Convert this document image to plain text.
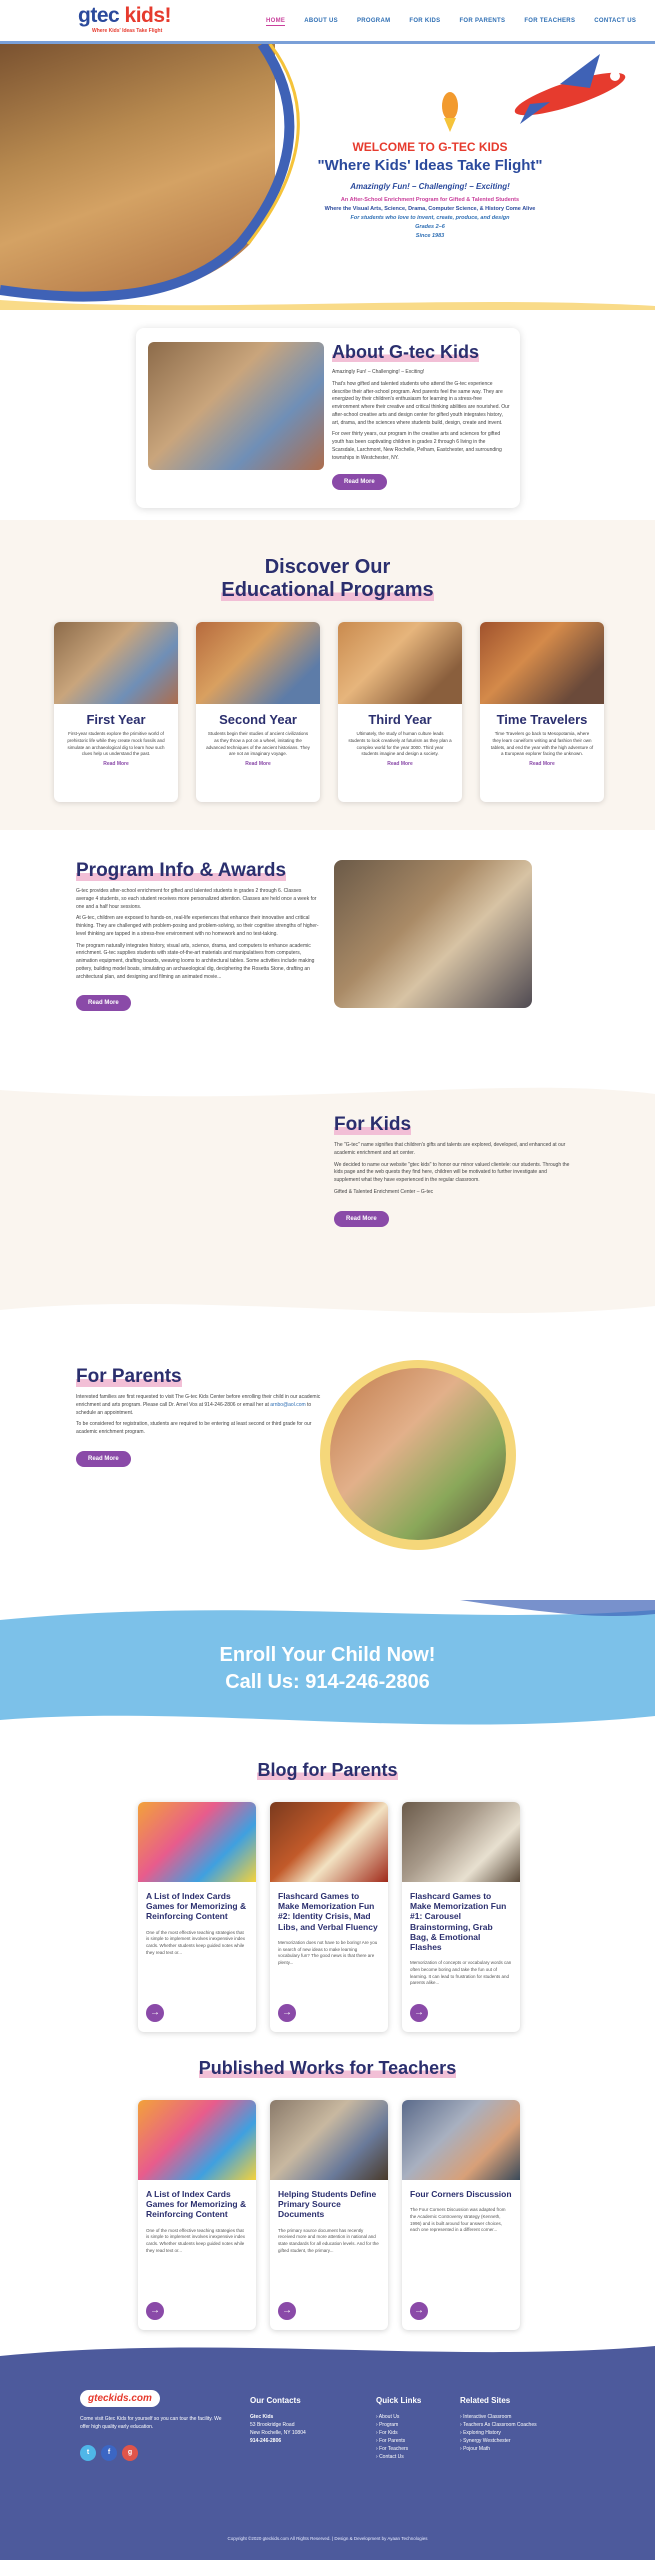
gtec kids!
Where Kids' Ideas Take Flight
HOME	ABOUT US	PROGRAM	FOR KIDS	FOR PARENTS	FOR TEACHERS	CONTACT US
WELCOME TO G-TEC KIDS
"Where Kids' Ideas Take Flight"
Amazingly Fun! – Challenging! – Exciting!
An After-School Enrichment Program for Gifted & Talented Students
Where the Visual Arts, Science, Drama, Computer Science, & History Come Alive
For students who love to invent, create, produce, and design
Grades 2–6
Since 1983
About G-tec Kids

Amazingly Fun! – Challenging! – Exciting!

That's how gifted and talented students who attend the G-tec experience describe their after-school program. And parents feel the same way. They are energized by their children's enthusiasm for learning in a stress-free environment where their creative and critical thinking abilities are nourished. Our after-school creative arts and design center for gifted youth integrates history, art, drama, and the sciences where students build, design, create and invent.

For over thirty years, our program in the creative arts and sciences for gifted youth has been captivating children in grades 2 through 6 living in the Scarsdale, Larchmont, New Rochelle, Pelham, Eastchester, and surrounding townships in Westchester, NY.

Read More
Discover Our
Educational Programs
First Year

First-year students explore the primitive world of prehistoric life while they create mock fossils and simulate an archaeological dig to learn how such clues help us understand the past.

Read More
Second Year

Students begin their studies of ancient civilizations as they throw a pot on a wheel, imitating the advanced techniques of the ancient historians. They are not an imaginary voyage.

Read More
Third Year

Ultimately, the study of human culture leads students to look creatively at futurism as they plan a complex world for the year 3000. Third year students imagine and design a society.

Read More
Time Travelers

Time Travelers go back to Mesopotamia, where they learn cuneiform writing and fashion their own tablets, and end the year with the high adventure of a European explorer facing the unknown.

Read More
Program Info & Awards

G-tec provides after-school enrichment for gifted and talented students in grades 2 through 6. Classes average 4 students, so each student receives more personalized attention. Classes are held once a week for one and a half hour sessions.

At G-tec, children are exposed to hands-on, real-life experiences that enhance their innovative and critical thinking. They are challenged with problem-posing and problem-solving, so their cognitive strengths of higher-level thinking are tapped in a stress-free environment with no homework and no test-taking.

The program naturally integrates history, visual arts, science, drama, and computers to enhance academic enrichment. G-tec supplies students with state-of-the-art materials and manipulatives from computers, animation equipment, drafting boards, weaving looms to architectural tables. Some activities include making pottery, building model boats, simulating an archaeological dig, deciphering the Rosetta Stone, drafting an architectural plan, and designing and filming an animated movie...

Read More
For Kids

The "G-tec" name signifies that children's gifts and talents are explored, developed, and enhanced at our academic enrichment and art center.

We decided to name our website "gtec kids" to honor our minor valued clientele: our students. Through the kids page and the web quests they find here, children will be motivated to further investigate and supplement what they have experienced in the regular classroom.

Gifted & Talented Enrichment Center – G-tec

Read More
For Parents

Interested families are first requested to visit The G-tec Kids Center before enrolling their child in our academic enrichment and arts program. Please call Dr. Arnel Vos at 914-246-2806 or email her at arnbo@aol.com to schedule an appointment.

To be considered for registration, students are required to be entering at least second or third grade for our academic enrichment program.

Read More
Enroll Your Child Now!
Call Us: 914-246-2806
Blog for Parents
A List of Index Cards Games for Memorizing & Reinforcing Content

One of the most effective teaching strategies that is simple to implement involves inexpensive index cards. Whether students keep guided notes while they read text or...

→
Flashcard Games to Make Memorization Fun #2: Identity Crisis, Mad Libs, and Verbal Fluency

Memorization does not have to be boring! Are you in search of new ideas to make learning vocabulary fun? The good news is that there are plenty...

→
Flashcard Games to Make Memorization Fun #1: Carousel Brainstorming, Grab Bag, & Emotional Flashes

Memorization of concepts or vocabulary words can often become boring and take the fun out of learning. It can lead to frustration for students and parents alike...

→
Published Works for Teachers
A List of Index Cards Games for Memorizing & Reinforcing Content

One of the most effective teaching strategies that is simple to implement involves inexpensive index cards. Whether students keep guided notes while they read text or...

→
Helping Students Define Primary Source Documents

The primary source document has recently received more and more attention in national and state standards for all education levels. And for the gifted student, the primary...

→
Four Corners Discussion

The Four Corners Discussion was adapted from the Academic Controversy strategy (Kenneth, 1996) and is built around four answer choices, each one represented in a different corner...

→
gteckids.com
Come visit Gtec Kids for yourself so you can tour the facility. We offer high quality early education.
t	f	g
Our Contacts
Gtec Kids
53 Brookridge Road
New Rochelle, NY 10804
914-246-2806
Quick Links
› About Us
› Program
› For Kids
› For Parents
› For Teachers
› Contact Us
Related Sites
› Interactive Classroom
› Teachers As Classroom Coaches
› Exploring History
› Synergy Westchester
› Pojour Math
Copyright ©2020 gteckids.com All Rights Reserved. | Design & Development by Ayaan Technologies
